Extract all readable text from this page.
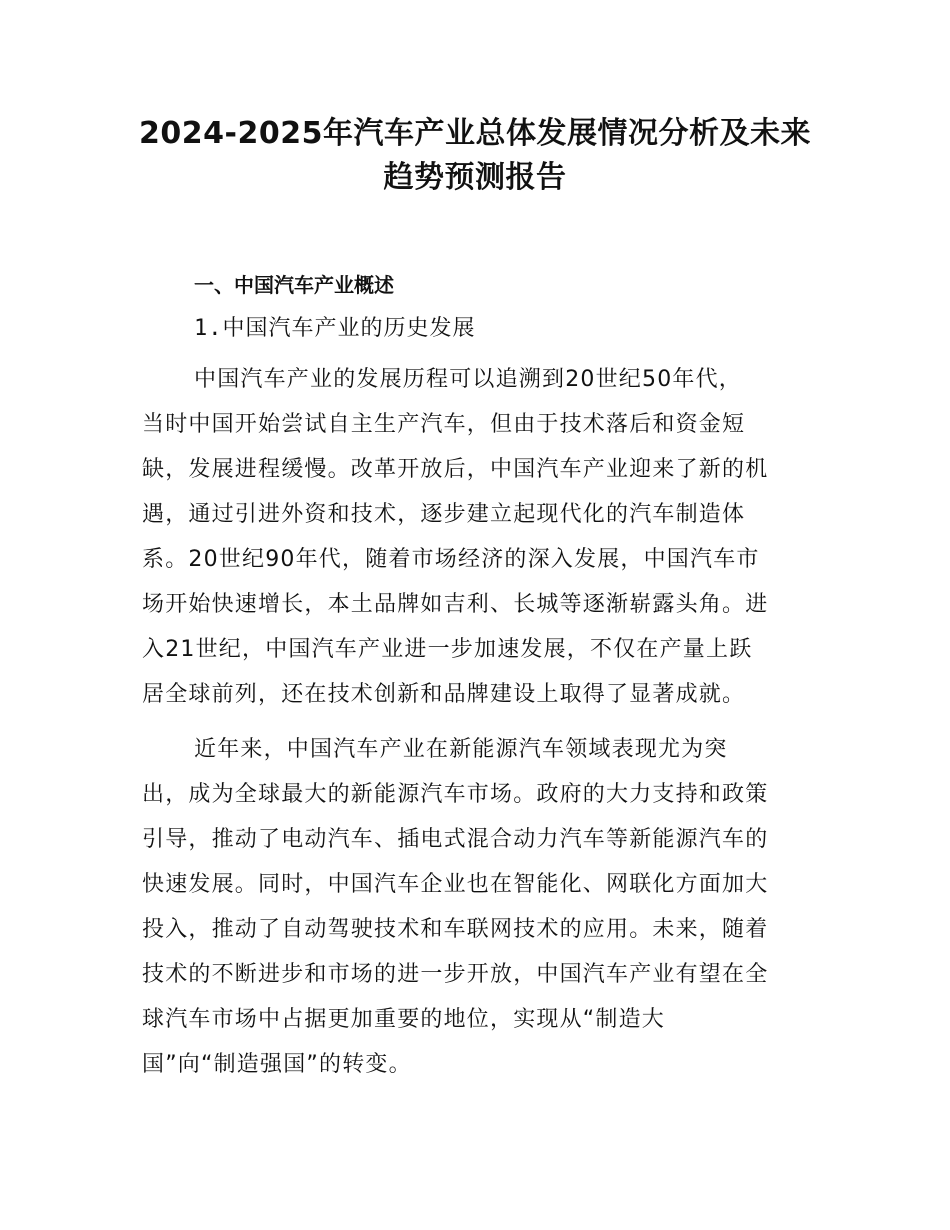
2024-2025年汽车产业总体发展情况分析及未来
趋势预测报告
一、中国汽车产业概述
1.中国汽车产业的历史发展
中国汽车产业的发展历程可以追溯到20世纪50年代，
当时中国开始尝试自主生产汽车，但由于技术落后和资金短
缺，发展进程缓慢。改革开放后，中国汽车产业迎来了新的机
遇，通过引进外资和技术，逐步建立起现代化的汽车制造体
系。20世纪90年代，随着市场经济的深入发展，中国汽车市
场开始快速增长，本土品牌如吉利、长城等逐渐崭露头角。进
入21世纪，中国汽车产业进一步加速发展，不仅在产量上跃
居全球前列，还在技术创新和品牌建设上取得了显著成就。
近年来，中国汽车产业在新能源汽车领域表现尤为突
出，成为全球最大的新能源汽车市场。政府的大力支持和政策
引导，推动了电动汽车、插电式混合动力汽车等新能源汽车的
快速发展。同时，中国汽车企业也在智能化、网联化方面加大
投入，推动了自动驾驶技术和车联网技术的应用。未来，随着
技术的不断进步和市场的进一步开放，中国汽车产业有望在全
球汽车市场中占据更加重要的地位，实现从“制造大
国”向“制造强国”的转变。
